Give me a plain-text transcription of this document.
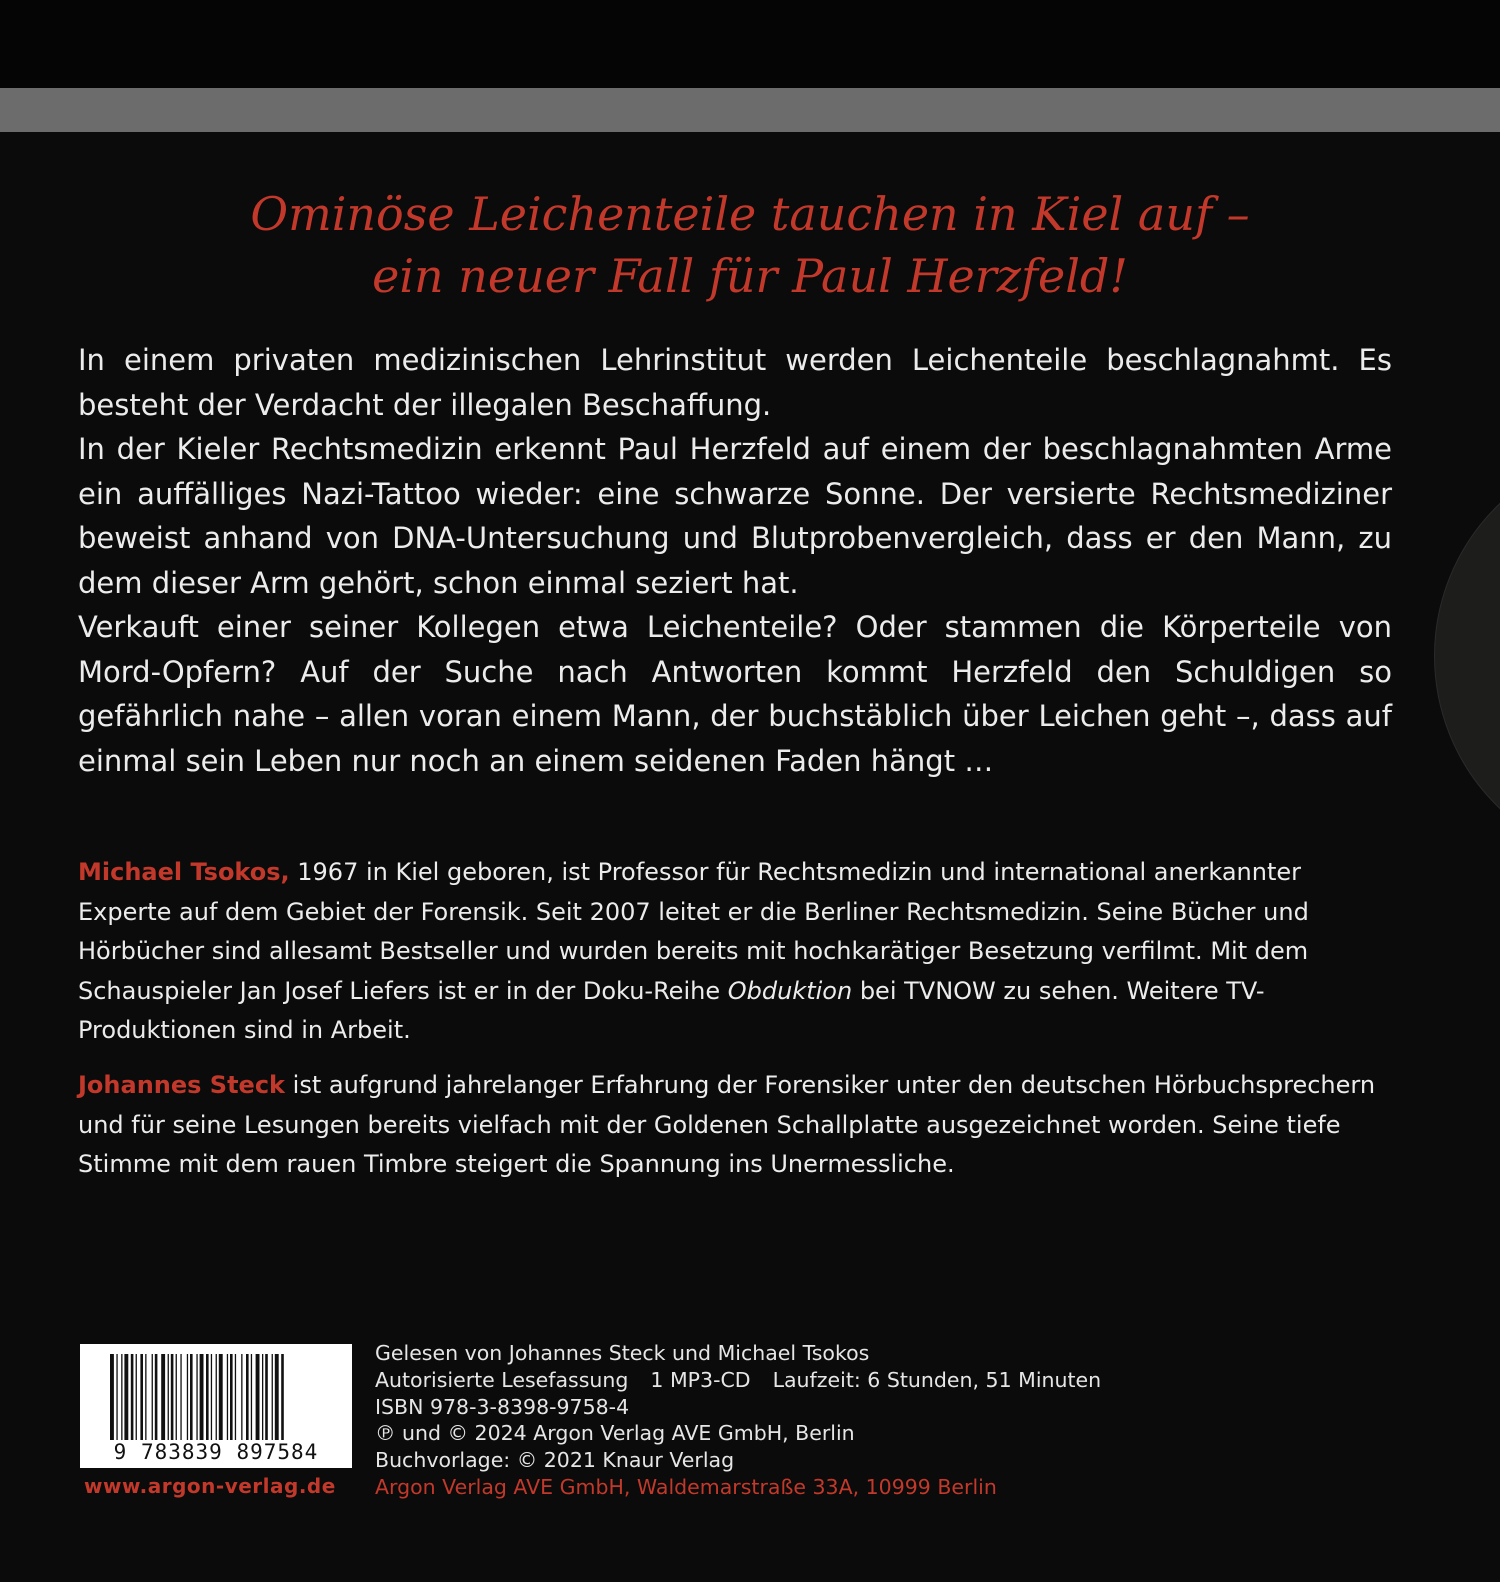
Ominöse Leichenteile tauchen in Kiel auf –
ein neuer Fall für Paul Herzfeld!

In einem privaten medizinischen Lehrinstitut werden Leichenteile beschlagnahmt. Es besteht der Verdacht der illegalen Beschaffung.

In der Kieler Rechtsmedizin erkennt Paul Herzfeld auf einem der beschlagnahmten Arme ein auffälliges Nazi-Tattoo wieder: eine schwarze Sonne. Der versierte Rechtsmediziner beweist anhand von DNA-Untersuchung und Blutprobenvergleich, dass er den Mann, zu dem dieser Arm gehört, schon einmal seziert hat.

Verkauft einer seiner Kollegen etwa Leichenteile? Oder stammen die Körperteile von Mord-Opfern? Auf der Suche nach Antworten kommt Herzfeld den Schuldigen so gefährlich nahe – allen voran einem Mann, der buchstäblich über Leichen geht –, dass auf einmal sein Leben nur noch an einem seidenen Faden hängt …

Michael Tsokos, 1967 in Kiel geboren, ist Professor für Rechtsmedizin und international anerkannter Experte auf dem Gebiet der Forensik. Seit 2007 leitet er die Berliner Rechtsmedizin. Seine Bücher und Hörbücher sind allesamt Bestseller und wurden bereits mit hochkarätiger Besetzung verfilmt. Mit dem Schauspieler Jan Josef Liefers ist er in der Doku-Reihe Obduktion bei TVNOW zu sehen. Weitere TV-Produktionen sind in Arbeit.
Johannes Steck ist aufgrund jahrelanger Erfahrung der Forensiker unter den deutschen Hörbuchsprechern und für seine Lesungen bereits vielfach mit der Goldenen Schallplatte ausgezeichnet worden. Seine tiefe Stimme mit dem rauen Timbre steigert die Spannung ins Unermessliche.
9 783839 897584
www.argon-verlag.de
Gelesen von Johannes Steck und Michael Tsokos
Autorisierte Lesefassung 1 MP3-CD Laufzeit: 6 Stunden, 51 Minuten
ISBN 978-3-8398-9758-4
℗ und © 2024 Argon Verlag AVE GmbH, Berlin
Buchvorlage: © 2021 Knaur Verlag
Argon Verlag AVE GmbH, Waldemarstraße 33A, 10999 Berlin
